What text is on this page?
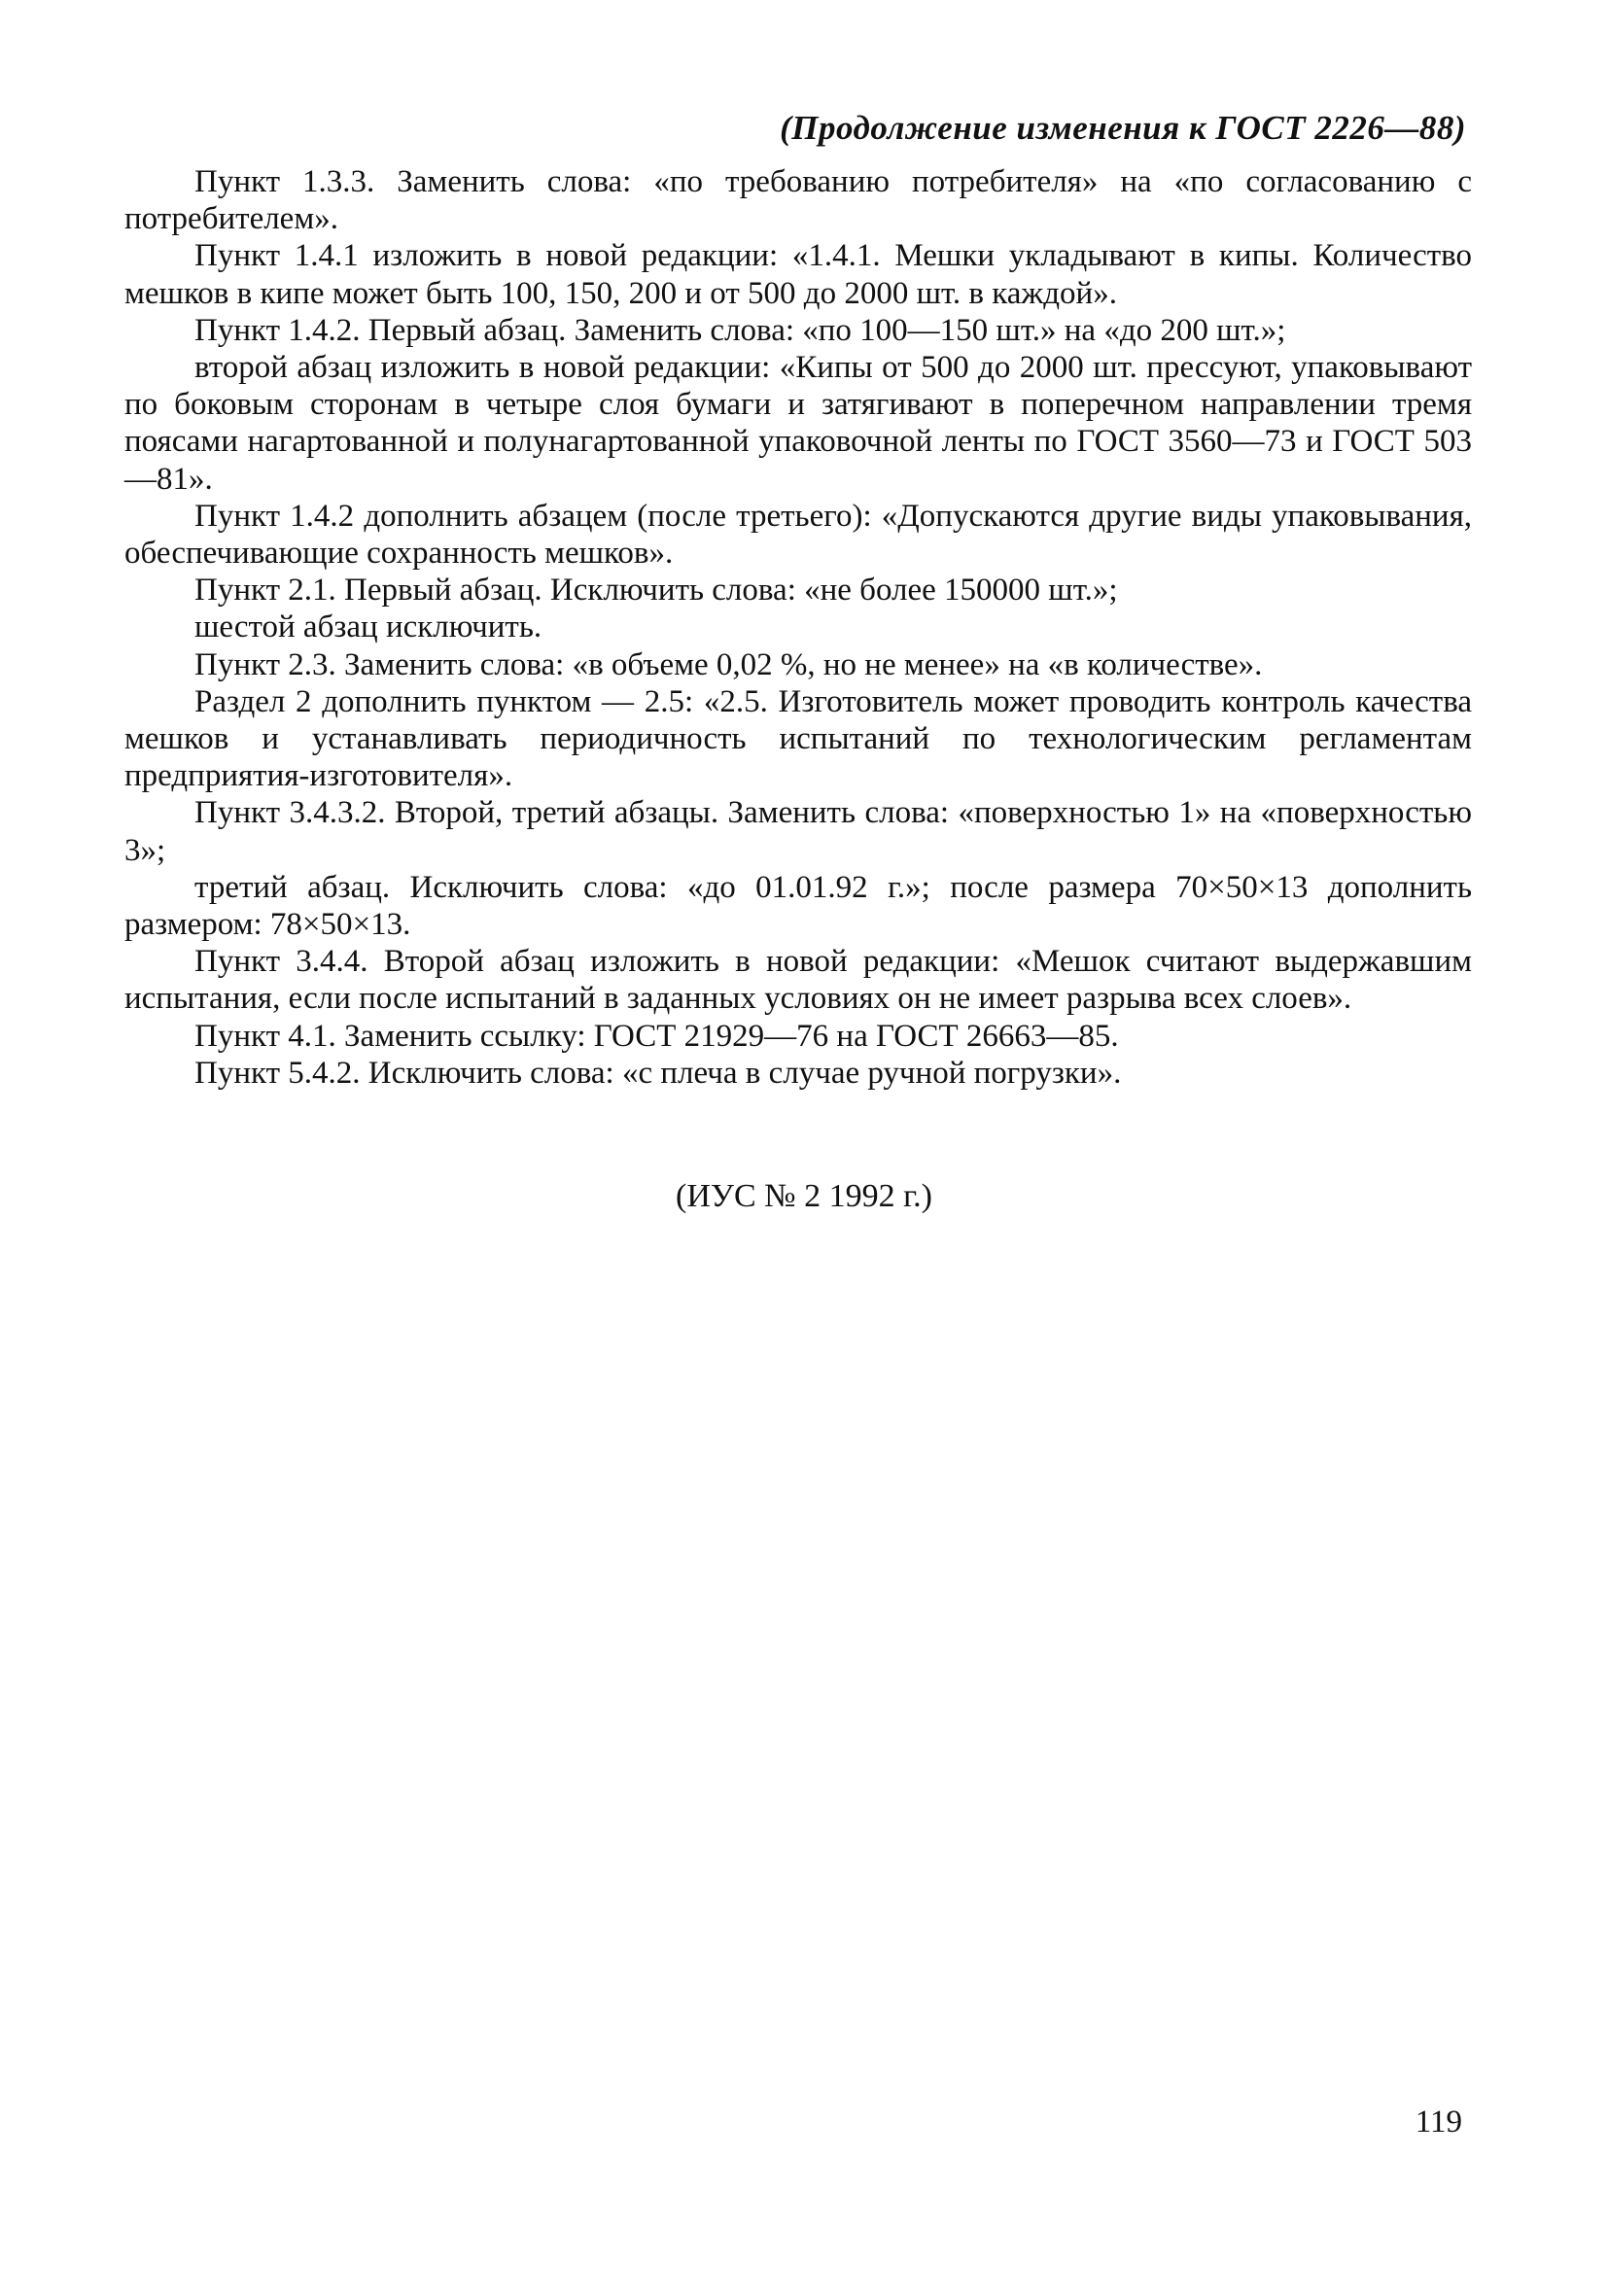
(Продолжение изменения к ГОСТ 2226—88)

Пункт 1.3.3. Заменить слова: «по требованию потребителя» на «по согласованию с потребителем».

Пункт 1.4.1 изложить в новой редакции: «1.4.1. Мешки укладывают в кипы. Количество мешков в кипе может быть 100, 150, 200 и от 500 до 2000 шт. в каждой».

Пункт 1.4.2. Первый абзац. Заменить слова: «по 100—150 шт.» на «до 200 шт.»;

второй абзац изложить в новой редакции: «Кипы от 500 до 2000 шт. прессуют, упаковывают по боковым сторонам в четыре слоя бумаги и затягивают в поперечном направлении тремя поясами нагартованной и полунагартованной упаковочной ленты по ГОСТ 3560—73 и ГОСТ 503—81».

Пункт 1.4.2 дополнить абзацем (после третьего): «Допускаются другие виды упаковывания, обеспечивающие сохранность мешков».

Пункт 2.1. Первый абзац. Исключить слова: «не более 150000 шт.»;

шестой абзац исключить.

Пункт 2.3. Заменить слова: «в объеме 0,02 %, но не менее» на «в количестве».

Раздел 2 дополнить пунктом — 2.5: «2.5. Изготовитель может проводить контроль качества мешков и устанавливать периодичность испытаний по технологическим регламентам предприятия-изготовителя».

Пункт 3.4.3.2. Второй, третий абзацы. Заменить слова: «поверхностью 1» на «поверхностью 3»;

третий абзац. Исключить слова: «до 01.01.92 г.»; после размера 70×50×13 дополнить размером: 78×50×13.

Пункт 3.4.4. Второй абзац изложить в новой редакции: «Мешок считают выдержавшим испытания, если после испытаний в заданных условиях он не имеет разрыва всех слоев».

Пункт 4.1. Заменить ссылку: ГОСТ 21929—76 на ГОСТ 26663—85.

Пункт 5.4.2. Исключить слова: «с плеча в случае ручной погрузки».

(ИУС № 2 1992 г.)
119
